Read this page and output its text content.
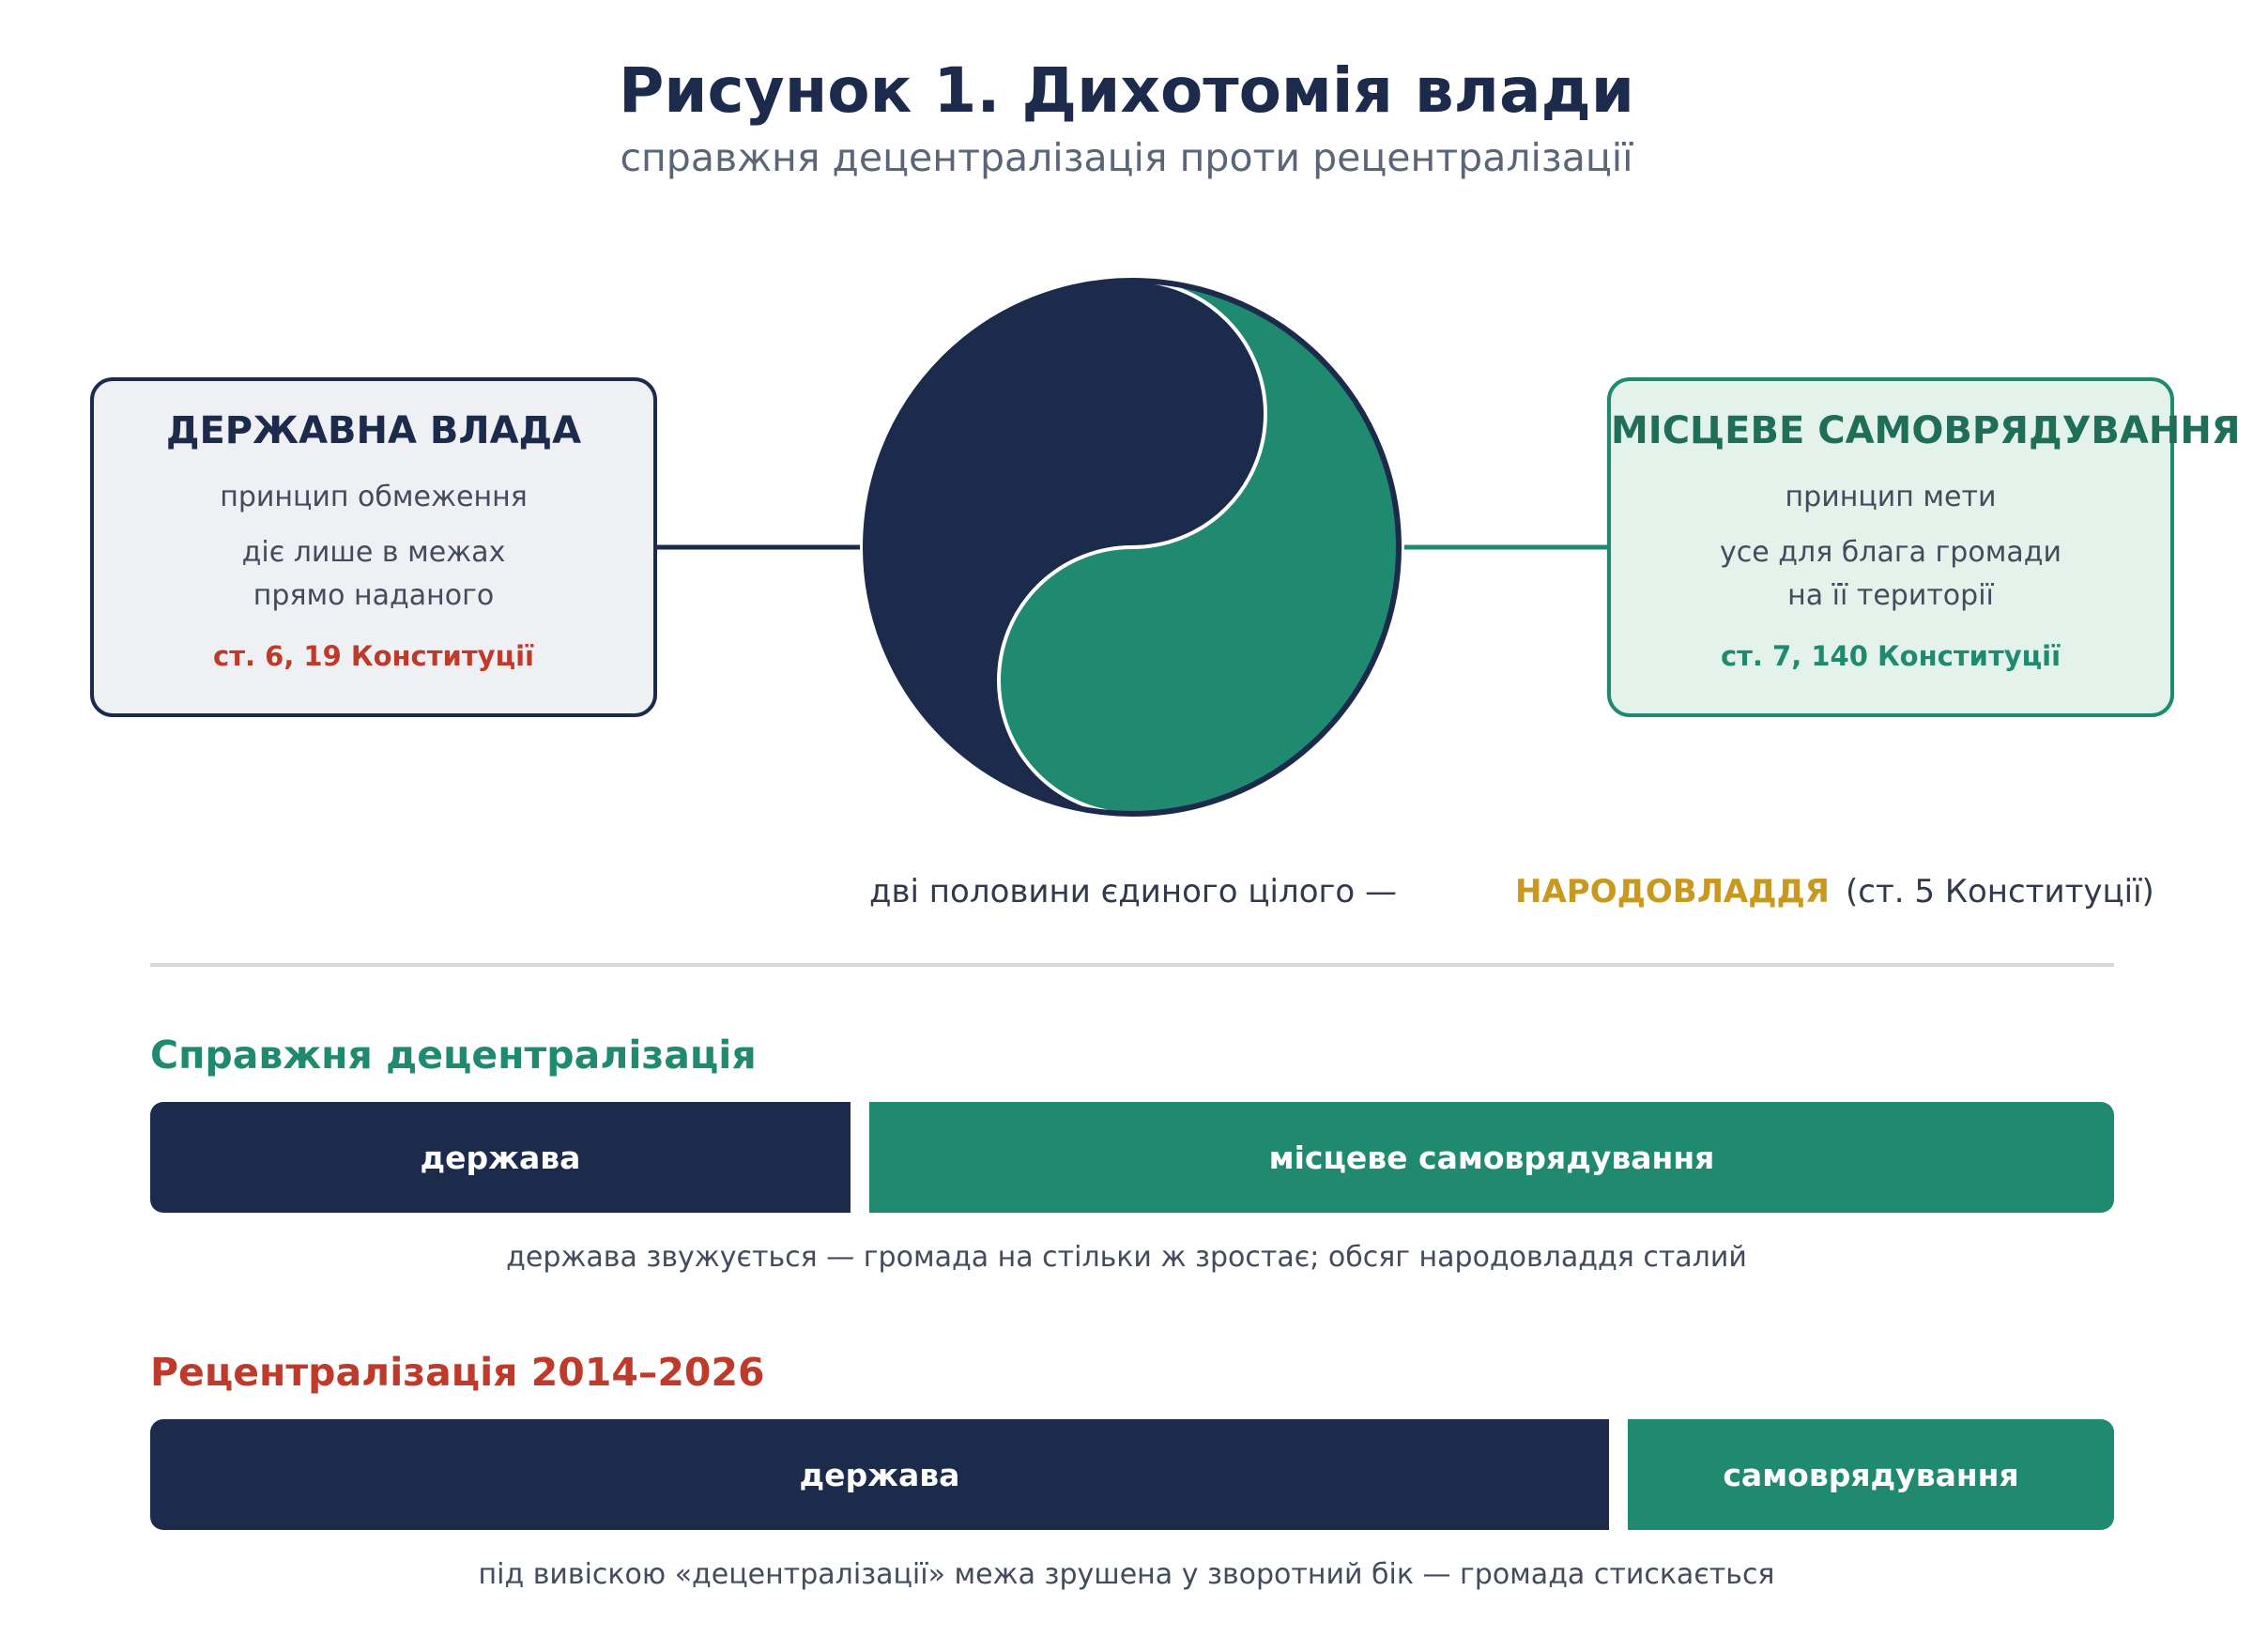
Рисунок 1. Дихотомія влади
справжня децентралізація проти рецентралізації
ДЕРЖАВНА ВЛАДА
принцип обмеження
діє лише в межах прямо наданого
ст. 6, 19 Конституції
МІСЦЕВЕ САМОВРЯДУВАННЯ
принцип мети
усе для блага громади на її території
ст. 7, 140 Конституції
дві половини єдиного цілого —	НАРОДОВЛАДДЯ (ст. 5 Конституції)
Справжня децентралізація
держава	місцеве самоврядування
держава звужується — громада на стільки ж зростає; обсяг народовладдя сталий
Рецентралізація 2014–2026
держава	самоврядування
під вивіскою «децентралізації» межа зрушена у зворотний бік — громада стискається
